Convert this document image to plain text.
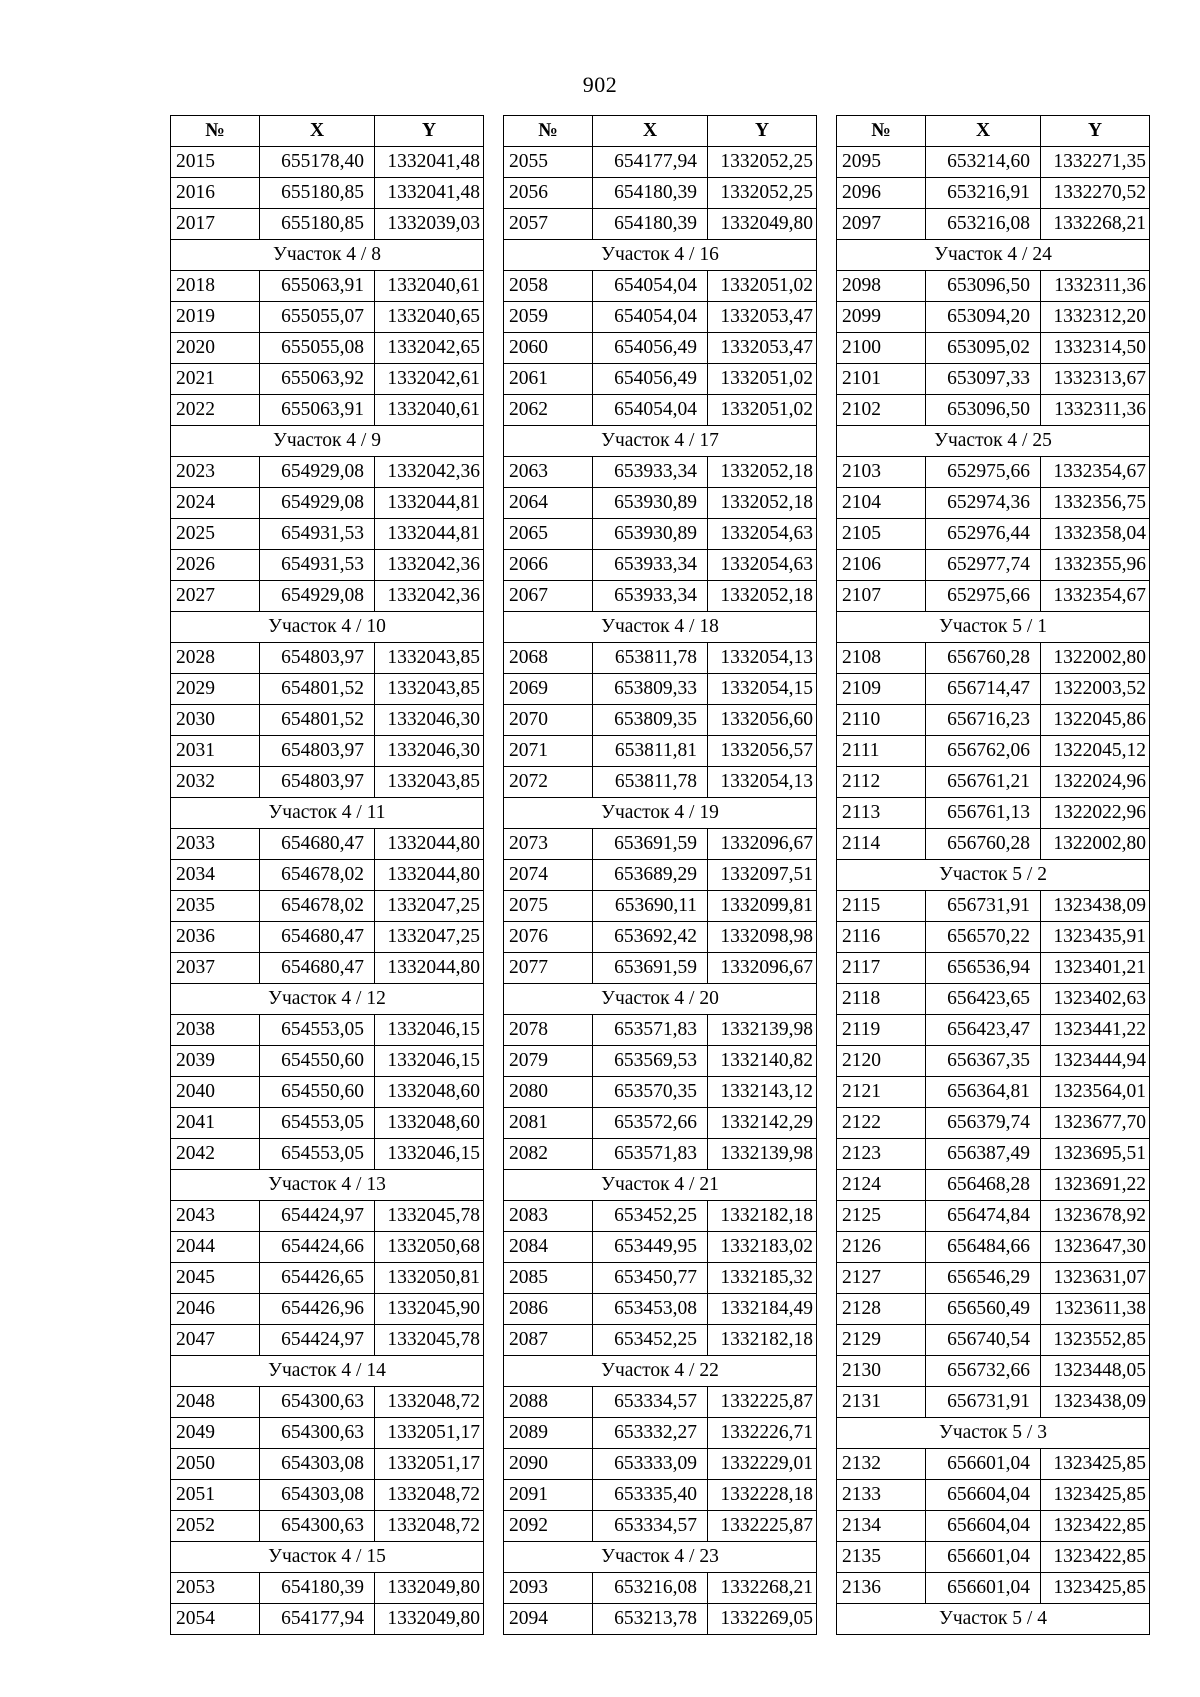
902
№	X	Y
2015	655178,40	1332041,48
2016	655180,85	1332041,48
2017	655180,85	1332039,03
Участок 4 / 8		
2018	655063,91	1332040,61
2019	655055,07	1332040,65
2020	655055,08	1332042,65
2021	655063,92	1332042,61
2022	655063,91	1332040,61
Участок 4 / 9		
2023	654929,08	1332042,36
2024	654929,08	1332044,81
2025	654931,53	1332044,81
2026	654931,53	1332042,36
2027	654929,08	1332042,36
Участок 4 / 10		
2028	654803,97	1332043,85
2029	654801,52	1332043,85
2030	654801,52	1332046,30
2031	654803,97	1332046,30
2032	654803,97	1332043,85
Участок 4 / 11		
2033	654680,47	1332044,80
2034	654678,02	1332044,80
2035	654678,02	1332047,25
2036	654680,47	1332047,25
2037	654680,47	1332044,80
Участок 4 / 12		
2038	654553,05	1332046,15
2039	654550,60	1332046,15
2040	654550,60	1332048,60
2041	654553,05	1332048,60
2042	654553,05	1332046,15
Участок 4 / 13		
2043	654424,97	1332045,78
2044	654424,66	1332050,68
2045	654426,65	1332050,81
2046	654426,96	1332045,90
2047	654424,97	1332045,78
Участок 4 / 14		
2048	654300,63	1332048,72
2049	654300,63	1332051,17
2050	654303,08	1332051,17
2051	654303,08	1332048,72
2052	654300,63	1332048,72
Участок 4 / 15		
2053	654180,39	1332049,80
2054	654177,94	1332049,80
№	X	Y
2055	654177,94	1332052,25
2056	654180,39	1332052,25
2057	654180,39	1332049,80
Участок 4 / 16		
2058	654054,04	1332051,02
2059	654054,04	1332053,47
2060	654056,49	1332053,47
2061	654056,49	1332051,02
2062	654054,04	1332051,02
Участок 4 / 17		
2063	653933,34	1332052,18
2064	653930,89	1332052,18
2065	653930,89	1332054,63
2066	653933,34	1332054,63
2067	653933,34	1332052,18
Участок 4 / 18		
2068	653811,78	1332054,13
2069	653809,33	1332054,15
2070	653809,35	1332056,60
2071	653811,81	1332056,57
2072	653811,78	1332054,13
Участок 4 / 19		
2073	653691,59	1332096,67
2074	653689,29	1332097,51
2075	653690,11	1332099,81
2076	653692,42	1332098,98
2077	653691,59	1332096,67
Участок 4 / 20		
2078	653571,83	1332139,98
2079	653569,53	1332140,82
2080	653570,35	1332143,12
2081	653572,66	1332142,29
2082	653571,83	1332139,98
Участок 4 / 21		
2083	653452,25	1332182,18
2084	653449,95	1332183,02
2085	653450,77	1332185,32
2086	653453,08	1332184,49
2087	653452,25	1332182,18
Участок 4 / 22		
2088	653334,57	1332225,87
2089	653332,27	1332226,71
2090	653333,09	1332229,01
2091	653335,40	1332228,18
2092	653334,57	1332225,87
Участок 4 / 23		
2093	653216,08	1332268,21
2094	653213,78	1332269,05
№	X	Y
2095	653214,60	1332271,35
2096	653216,91	1332270,52
2097	653216,08	1332268,21
Участок 4 / 24		
2098	653096,50	1332311,36
2099	653094,20	1332312,20
2100	653095,02	1332314,50
2101	653097,33	1332313,67
2102	653096,50	1332311,36
Участок 4 / 25		
2103	652975,66	1332354,67
2104	652974,36	1332356,75
2105	652976,44	1332358,04
2106	652977,74	1332355,96
2107	652975,66	1332354,67
Участок 5 / 1		
2108	656760,28	1322002,80
2109	656714,47	1322003,52
2110	656716,23	1322045,86
2111	656762,06	1322045,12
2112	656761,21	1322024,96
2113	656761,13	1322022,96
2114	656760,28	1322002,80
Участок 5 / 2		
2115	656731,91	1323438,09
2116	656570,22	1323435,91
2117	656536,94	1323401,21
2118	656423,65	1323402,63
2119	656423,47	1323441,22
2120	656367,35	1323444,94
2121	656364,81	1323564,01
2122	656379,74	1323677,70
2123	656387,49	1323695,51
2124	656468,28	1323691,22
2125	656474,84	1323678,92
2126	656484,66	1323647,30
2127	656546,29	1323631,07
2128	656560,49	1323611,38
2129	656740,54	1323552,85
2130	656732,66	1323448,05
2131	656731,91	1323438,09
Участок 5 / 3		
2132	656601,04	1323425,85
2133	656604,04	1323425,85
2134	656604,04	1323422,85
2135	656601,04	1323422,85
2136	656601,04	1323425,85
Участок 5 / 4		
